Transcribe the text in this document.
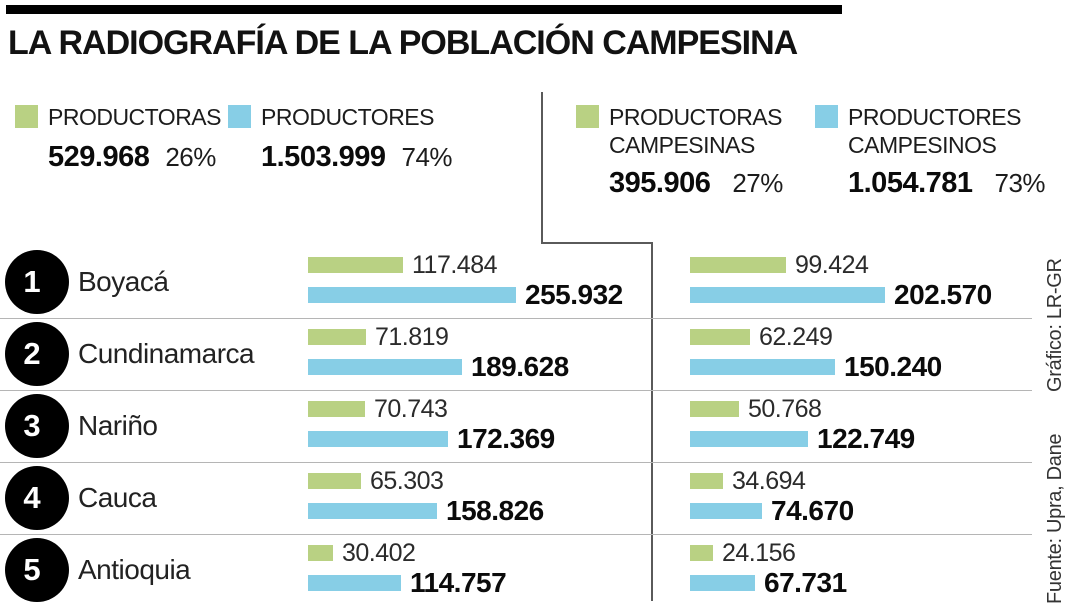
LA RADIOGRAFÍA DE LA POBLACIÓN CAMPESINA
PRODUCTORAS
529.968 26%
PRODUCTORES
1.503.999 74%
PRODUCTORAS
CAMPESINAS
395.906 27%
PRODUCTORES
CAMPESINOS
1.054.781 73%
1	Boyacá
117.484
255.932
99.424
202.570
2	Cundinamarca
71.819
189.628
62.249
150.240
3	Nariño
70.743
172.369
50.768
122.749
4	Cauca
65.303
158.826
34.694
74.670
5	Antioquia
30.402
114.757
24.156
67.731
Gráfico: LR-GR
Fuente: Upra, Dane
